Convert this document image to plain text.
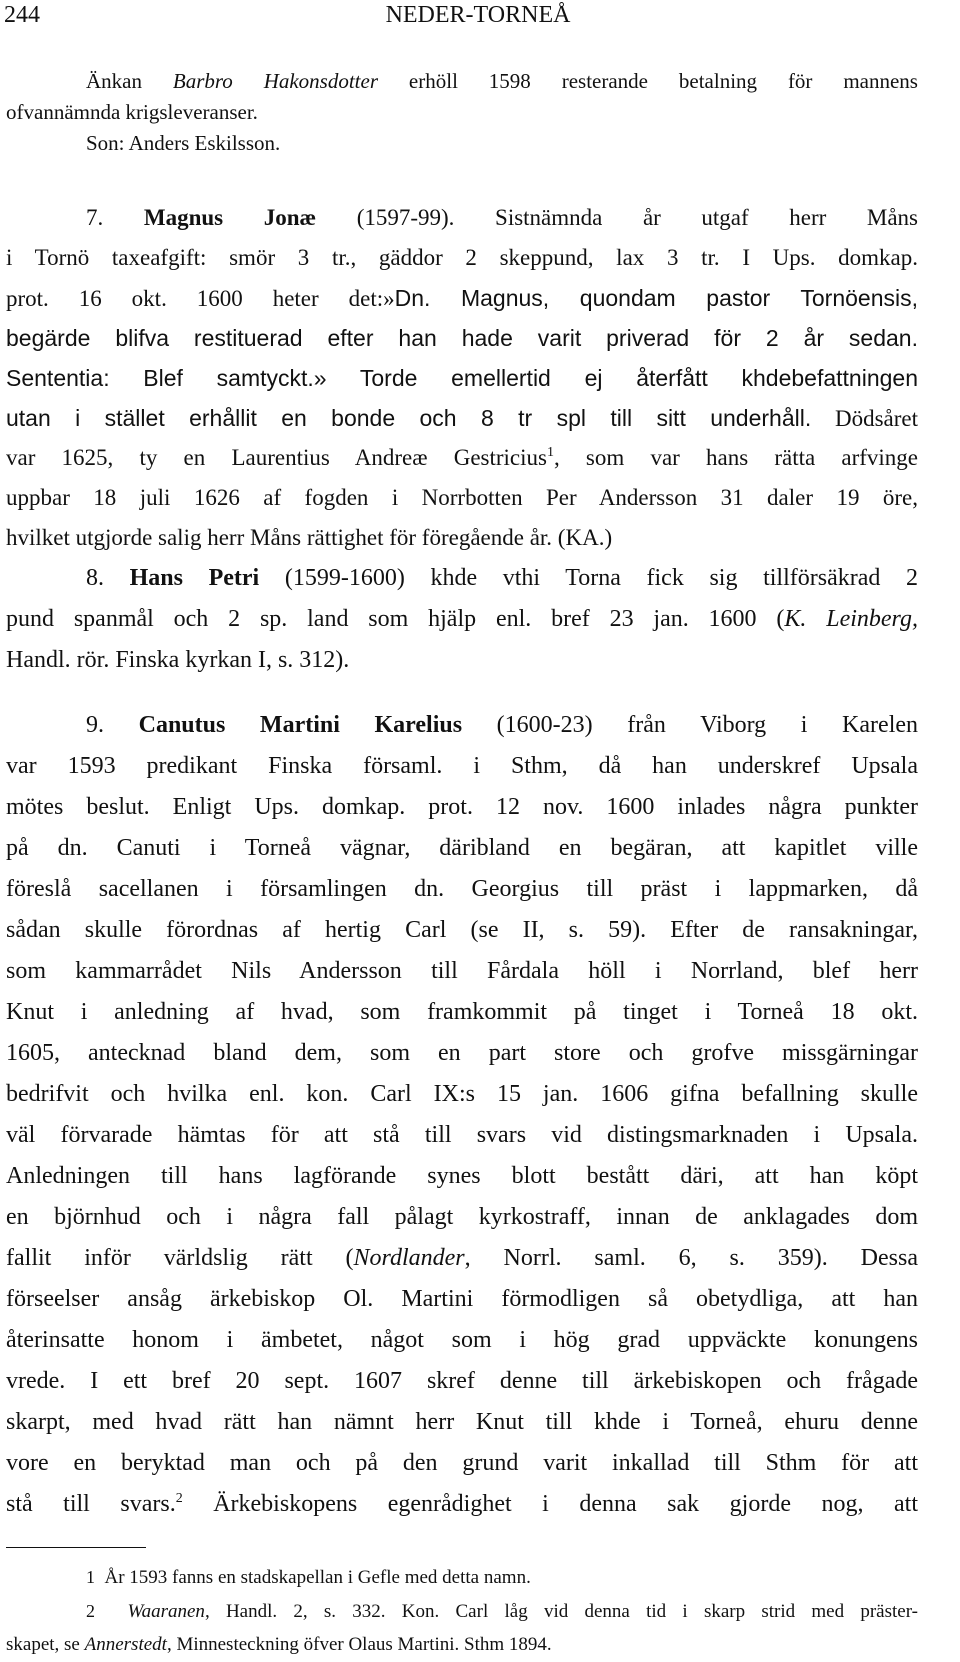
244	NEDER-TORNEÅ
Änkan Barbro Hakonsdotter erhöll 1598 resterande betalning för mannens
ofvannämnda krigsleveranser.
Son: Anders Eskilsson.
7. Magnus Jonæ (1597-99). Sistnämnda år utgaf herr Måns
i Tornö taxeafgift: smör 3 tr., gäddor 2 skeppund, lax 3 tr. I Ups. domkap.
prot. 16 okt. 1600 heter det:»Dn. Magnus, quondam pastor Tornöensis,
begärde blifva restituerad efter han hade varit priverad för 2 år sedan.
Sententia: Blef samtyckt.» Torde emellertid ej återfått khdebefattningen
utan i stället erhållit en bonde och 8 tr spl till sitt underhåll. Dödsåret
var 1625, ty en Laurentius Andreæ Gestricius$^1$, som var hans rätta arfvinge
uppbar 18 juli 1626 af fogden i Norrbotten Per Andersson 31 daler 19 öre,
hvilket utgjorde salig herr Måns rättighet för föregående år. (KA.)
8. Hans Petri (1599-1600) khde vthi Torna fick sig tillförsäkrad 2
pund spanmål och 2 sp. land som hjälp enl. bref 23 jan. 1600 (K. Leinberg,
Handl. rör. Finska kyrkan I, s. 312).
9. Canutus Martini Karelius (1600-23) från Viborg i Karelen
var 1593 predikant Finska församl. i Sthm, då han underskref Upsala
mötes beslut. Enligt Ups. domkap. prot. 12 nov. 1600 inlades några punkter
på dn. Canuti i Torneå vägnar, däribland en begäran, att kapitlet ville
föreslå sacellanen i församlingen dn. Georgius till präst i lappmarken, då
sådan skulle förordnas af hertig Carl (se II, s. 59). Efter de ransakningar,
som kammarrådet Nils Andersson till Fårdala höll i Norrland, blef herr
Knut i anledning af hvad, som framkommit på tinget i Torneå 18 okt.
1605, antecknad bland dem, som en part store och grofve missgärningar
bedrifvit och hvilka enl. kon. Carl IX:s 15 jan. 1606 gifna befallning skulle
väl förvarade hämtas för att stå till svars vid distingsmarknaden i Upsala.
Anledningen till hans lagförande synes blott bestått däri, att han köpt
en björnhud och i några fall pålagt kyrkostraff, innan de anklagades dom
fallit inför världslig rätt (Nordlander, Norrl. saml. 6, s. 359). Dessa
förseelser ansåg ärkebiskop Ol. Martini förmodligen så obetydliga, att han
återinsatte honom i ämbetet, något som i hög grad uppväckte konungens
vrede. I ett bref 20 sept. 1607 skref denne till ärkebiskopen och frågade
skarpt, med hvad rätt han nämnt herr Knut till khde i Torneå, ehuru denne
vore en beryktad man och på den grund varit inkallad till Sthm för att
stå till svars.$^2$ Ärkebiskopens egenrådighet i denna sak gjorde nog, att
1 År 1593 fanns en stadskapellan i Gefle med detta namn.
2 Waaranen, Handl. 2, s. 332. Kon. Carl låg vid denna tid i skarp strid med präster-
skapet, se Annerstedt, Minnesteckning öfver Olaus Martini. Sthm 1894.
